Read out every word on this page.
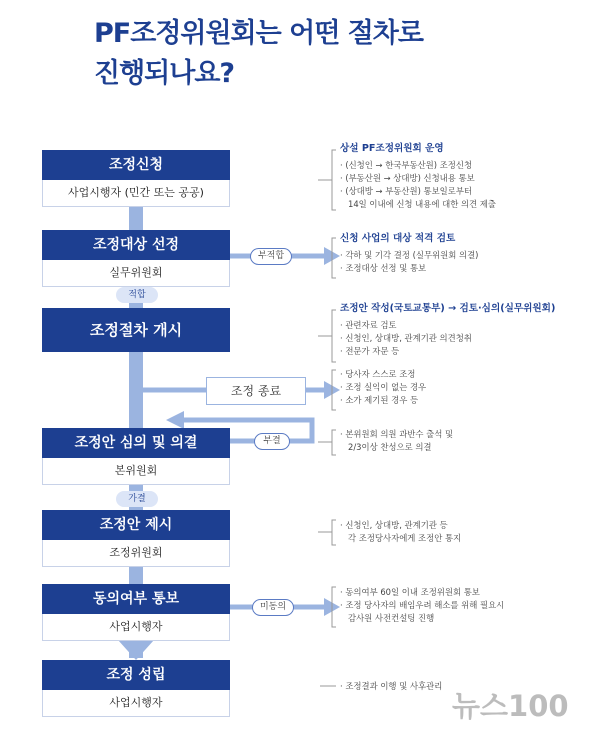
PF조정위원회는 어떤 절차로
진행되나요?
조정신청
사업시행자 (민간 또는 공공)
조정대상 선정
실무위원회
조정절차 개시
조정안 심의 및 의결
본위원회
조정안 제시
조정위원회
동의여부 통보
사업시행자
조정 성립
사업시행자
적합
가결
부적합
부결
미동의
조정 종료
상설 PF조정위원회 운영
· (신청인 → 한국부동산원) 조정신청
· (부동산원 → 상대방) 신청내용 통보
· (상대방 → 부동산원) 통보일로부터
14일 이내에 신청 내용에 대한 의견 제출
신청 사업의 대상 적격 검토
· 각하 및 기각 결정 (실무위원회 의결)
· 조정대상 선정 및 통보
조정안 작성(국토교통부) → 검토·심의(실무위원회)
· 관련자료 검토
· 신청인, 상대방, 관계기관 의견청취
· 전문가 자문 등
· 당사자 스스로 조정
· 조정 실익이 없는 경우
· 소가 제기된 경우 등
· 본위원회 의원 과반수 출석 및
2/3이상 찬성으로 의결
· 신청인, 상대방, 관계기관 등
각 조정당사자에게 조정안 통지
· 동의여부 60일 이내 조정위원회 통보
· 조정 당사자의 배임우려 해소를 위해 필요시
감사원 사전컨설팅 진행
· 조정결과 이행 및 사후관리
뉴스100
